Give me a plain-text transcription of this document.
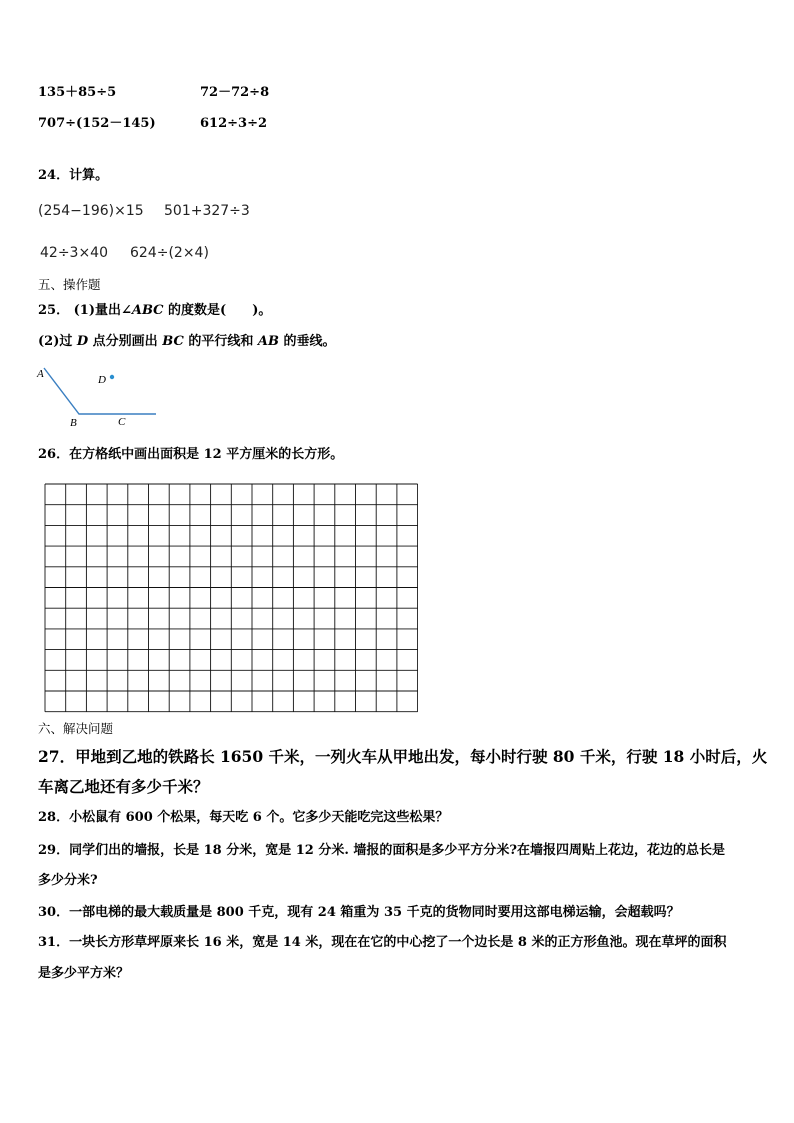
135＋85÷5	72－72÷8
707÷(152－145)	612÷3÷2
24．计算。
(254−196)×15 501+327÷3
42÷3×40 624÷(2×4)
五、操作题
25． (1)量出∠ABC 的度数是(　　)。
(2)过 D 点分别画出 BC 的平行线和 AB 的垂线。
A
B	C
D
26．在方格纸中画出面积是 12 平方厘米的长方形。
六、解决问题
27．甲地到乙地的铁路长 1650 千米，一列火车从甲地出发，每小时行驶 80 千米，行驶 18 小时后，火
车离乙地还有多少千米？
28．小松鼠有 600 个松果，每天吃 6 个。它多少天能吃完这些松果？
29．同学们出的墙报，长是 18 分米，宽是 12 分米. 墙报的面积是多少平方分米?在墙报四周贴上花边，花边的总长是
多少分米?
30．一部电梯的最大载质量是 800 千克，现有 24 箱重为 35 千克的货物同时要用这部电梯运输，会超载吗？
31．一块长方形草坪原来长 16 米，宽是 14 米，现在在它的中心挖了一个边长是 8 米的正方形鱼池。现在草坪的面积
是多少平方米？
